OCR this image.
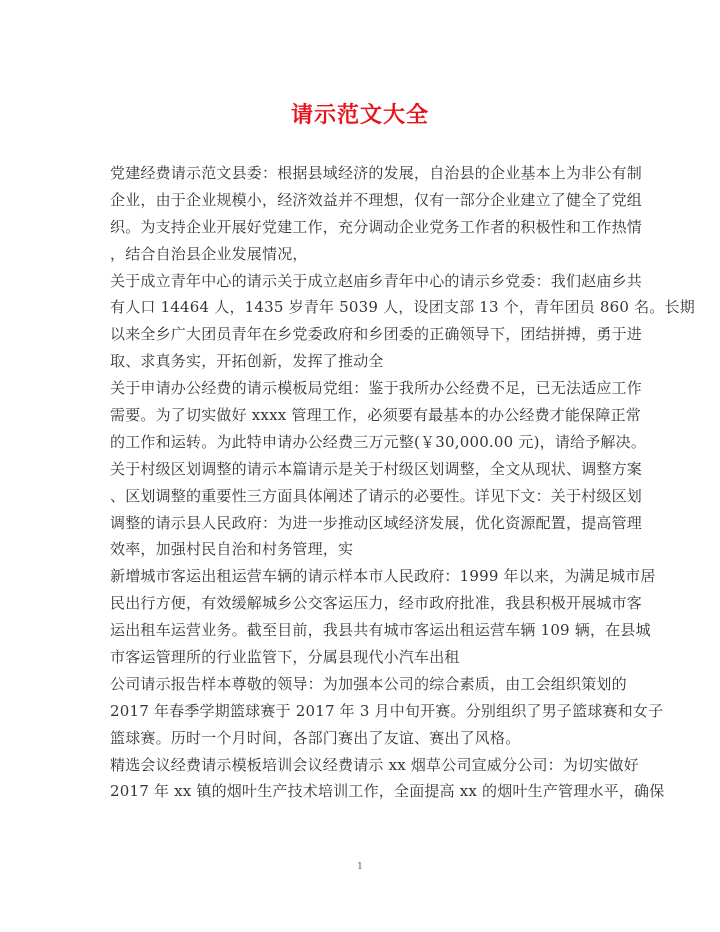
请示范文大全
党建经费请示范文县委：根据县域经济的发展，自治县的企业基本上为非公有制
企业，由于企业规模小，经济效益并不理想，仅有一部分企业建立了健全了党组
织。为支持企业开展好党建工作，充分调动企业党务工作者的积极性和工作热情
，结合自治县企业发展情况，
关于成立青年中心的请示关于成立赵庙乡青年中心的请示乡党委：我们赵庙乡共
有人口 14464 人，1435 岁青年 5039 人，设团支部 13 个，青年团员 860 名。长期
以来全乡广大团员青年在乡党委政府和乡团委的正确领导下，团结拼搏，勇于进
取、求真务实，开拓创新，发挥了推动全
关于申请办公经费的请示模板局党组：鉴于我所办公经费不足，已无法适应工作
需要。为了切实做好 xxxx 管理工作，必须要有最基本的办公经费才能保障正常
的工作和运转。为此特申请办公经费三万元整(￥30,000.00 元)，请给予解决。
关于村级区划调整的请示本篇请示是关于村级区划调整，全文从现状、调整方案
、区划调整的重要性三方面具体阐述了请示的必要性。详见下文：关于村级区划
调整的请示县人民政府：为进一步推动区域经济发展，优化资源配置，提高管理
效率，加强村民自治和村务管理，实
新增城市客运出租运营车辆的请示样本市人民政府：1999 年以来，为满足城市居
民出行方便，有效缓解城乡公交客运压力，经市政府批准，我县积极开展城市客
运出租车运营业务。截至目前，我县共有城市客运出租运营车辆 109 辆，在县城
市客运管理所的行业监管下，分属县现代小汽车出租
公司请示报告样本尊敬的领导：为加强本公司的综合素质，由工会组织策划的
2017 年春季学期篮球赛于 2017 年 3 月中旬开赛。分别组织了男子篮球赛和女子
篮球赛。历时一个月时间，各部门赛出了友谊、赛出了风格。
精选会议经费请示模板培训会议经费请示 xx 烟草公司宣威分公司：为切实做好
2017 年 xx 镇的烟叶生产技术培训工作，全面提高 xx 的烟叶生产管理水平，确保
1
